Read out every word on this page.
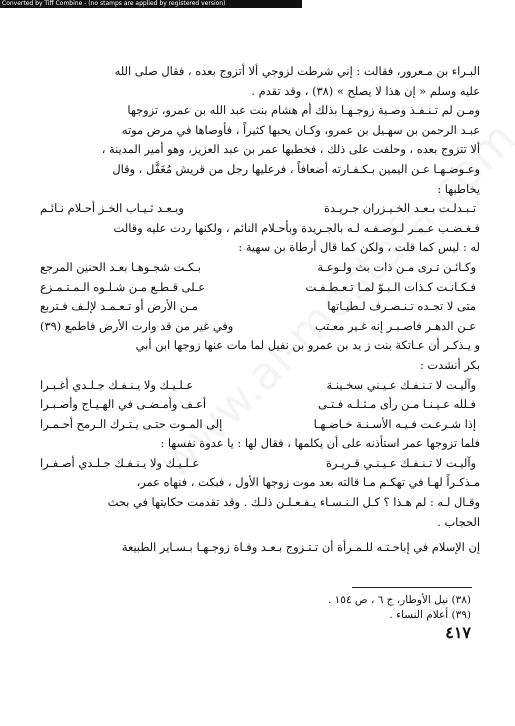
Converted by Tiff Combine - (no stamps are applied by registered version)
البـراء بن مـعرور، فقالت : إني شرطت لزوجي ألا أتزوج بعده ، فقال صلى الله
عليه وسلم « إن هذا لا يصلح » (٣٨) ، وقد تقدم .
ومـن لم تـنـفـذ وصـية زوجـهـا بذلك أم هشام بنت عبد الله بن عمرو، تزوجها
عبـد الرحمن بن سهـيل بن عمرو، وكـان يحبها كثيراً ، فأوصاها في مرض موته
ألا تتزوج بعده ، وحلفت على ذلك ، فخطبها عمر بن عبد العزيز، وهو أمير المدينة ،
وعـوضـهـا عـن اليمين بـكـفـارته أضعافاً ، فرعليها رجل من قريش مُغَفَّل ، وقال
يخاطبها :
تـبـدلـت بـعـد الخـيـزران جـريـدة
وبـعـد ثـيـاب الخـز أحـلام نـائـم
فـغـضـب عـمـر لـوصـفـه لـه بالجـريدة وبأحـلام النائم ، ولكنها ردت عليه وقالت
له : ليس كما قلت ، ولكن كما قال أرطاة بن سهية :
وكـائـن تـرى مـن ذات بث ولـوعـة
بـكـت شجـوهـا بعـد الحنين المرجع
فـكـانـت كـذات الـبـوّ لمـا تـعـطـفـت
عـلى قـطـع مـن شـلـوه الـمـتـمـزع
متى لا تجـده تـنـصـرف لـطيـاتها
مـن الأرض أو تـعـمـد لإلـف فـتربع
عـن الدهـر فاصـبـر إنه غـير معـتب
وفي غير من قد وارت الأرض فاطمع (٣٩)
و يـذكـر أن عـاتكة بنت ز يد بن عمرو بن نفيل لما مات عنها زوجها ابن أبي
بكر أنشدت :
وآليـت لا تـنـفـك عـيـني سخـينـة
عـلـيـك ولا يـنـفـك جـلـدي أغـبـرا
فـلله عـيـنـا مـن رأى مـثـلـه فـتـى
أعـف وأمـضـى في الهـيـاج وأصـبـرا
إذا شـرعـت فـيـه الأسـنـة خـاضـهـا
إلى المـوت حتـى يـتـرك الـرمح أحـمـرا
فلما تزوجها عمر استأذنه على أن يكلمها ، فقال لها : يا عدوة نفسها :
وآليـت لا تـنـفـك عـيـنـي قـريـرة
عـلـيـك ولا يـنـفـك جـلـدي أصـفـرا
مـذكـراً لهـا في تهكـم مـا قالته بعد موت زوجها الأول ، فبكت ، فنهاه عمر،
وقـال لـه : لم هـذا ؟ كـل الـنـسـاء يـفـعـلـن ذلـك . وقد تقدمت حكايتها في بحث
الحجاب .
إن الإسلام في إباحـتـه للـمـرأة أن تـتـزوج بـعـد وفـاة زوجـهـا بـسـاير الطبيعة
(٣٨) نيل الأوطار، ج ٦ ، ص ١٥٤ .
(٣٩) أعلام النساء .
٤١٧
